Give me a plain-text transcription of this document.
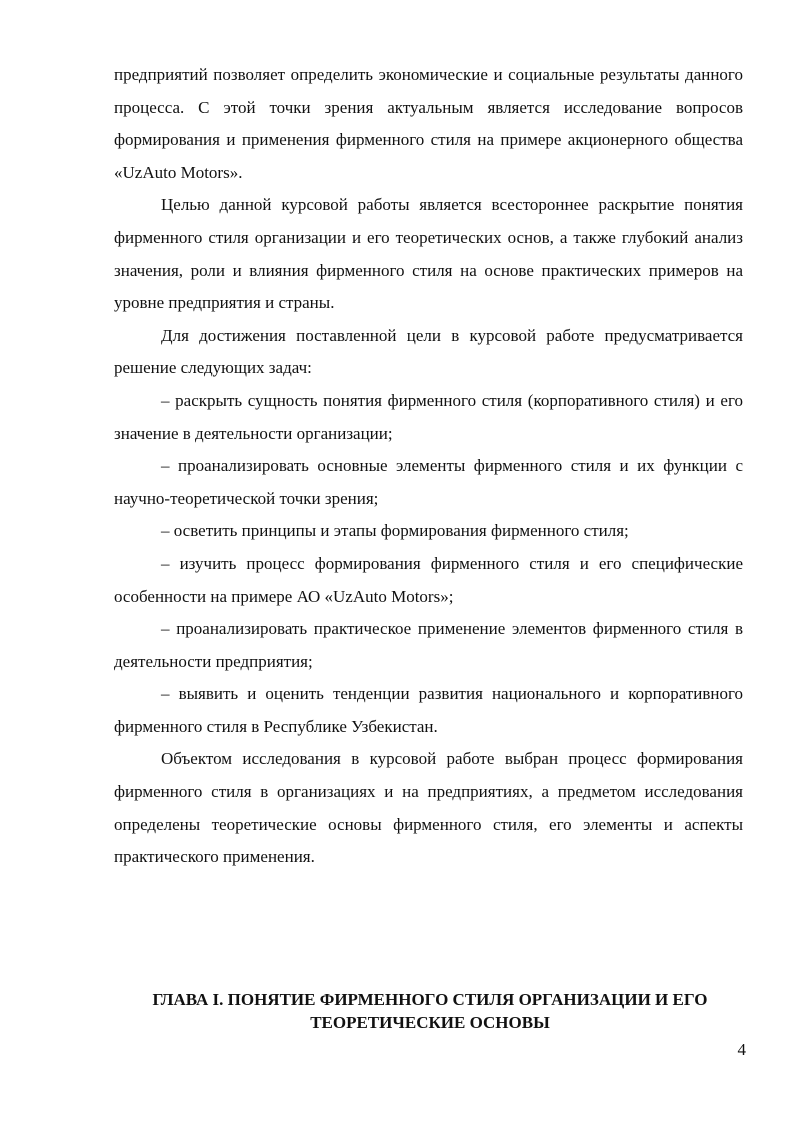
предприятий позволяет определить экономические и социальные результаты данного процесса. С этой точки зрения актуальным является исследование вопросов формирования и применения фирменного стиля на примере акционерного общества «UzAuto Motors».

Целью данной курсовой работы является всестороннее раскрытие понятия фирменного стиля организации и его теоретических основ, а также глубокий анализ значения, роли и влияния фирменного стиля на основе практических примеров на уровне предприятия и страны.

Для достижения поставленной цели в курсовой работе предусматривается решение следующих задач:

– раскрыть сущность понятия фирменного стиля (корпоративного стиля) и его значение в деятельности организации;

– проанализировать основные элементы фирменного стиля и их функции с научно-теоретической точки зрения;

– осветить принципы и этапы формирования фирменного стиля;

– изучить процесс формирования фирменного стиля и его специфические особенности на примере АО «UzAuto Motors»;

– проанализировать практическое применение элементов фирменного стиля в деятельности предприятия;

– выявить и оценить тенденции развития национального и корпоративного фирменного стиля в Республике Узбекистан.

Объектом исследования в курсовой работе выбран процесс формирования фирменного стиля в организациях и на предприятиях, а предметом исследования определены теоретические основы фирменного стиля, его элементы и аспекты практического применения.

ГЛАВА I. ПОНЯТИЕ ФИРМЕННОГО СТИЛЯ ОРГАНИЗАЦИИ И ЕГО
ТЕОРЕТИЧЕСКИЕ ОСНОВЫ
4
